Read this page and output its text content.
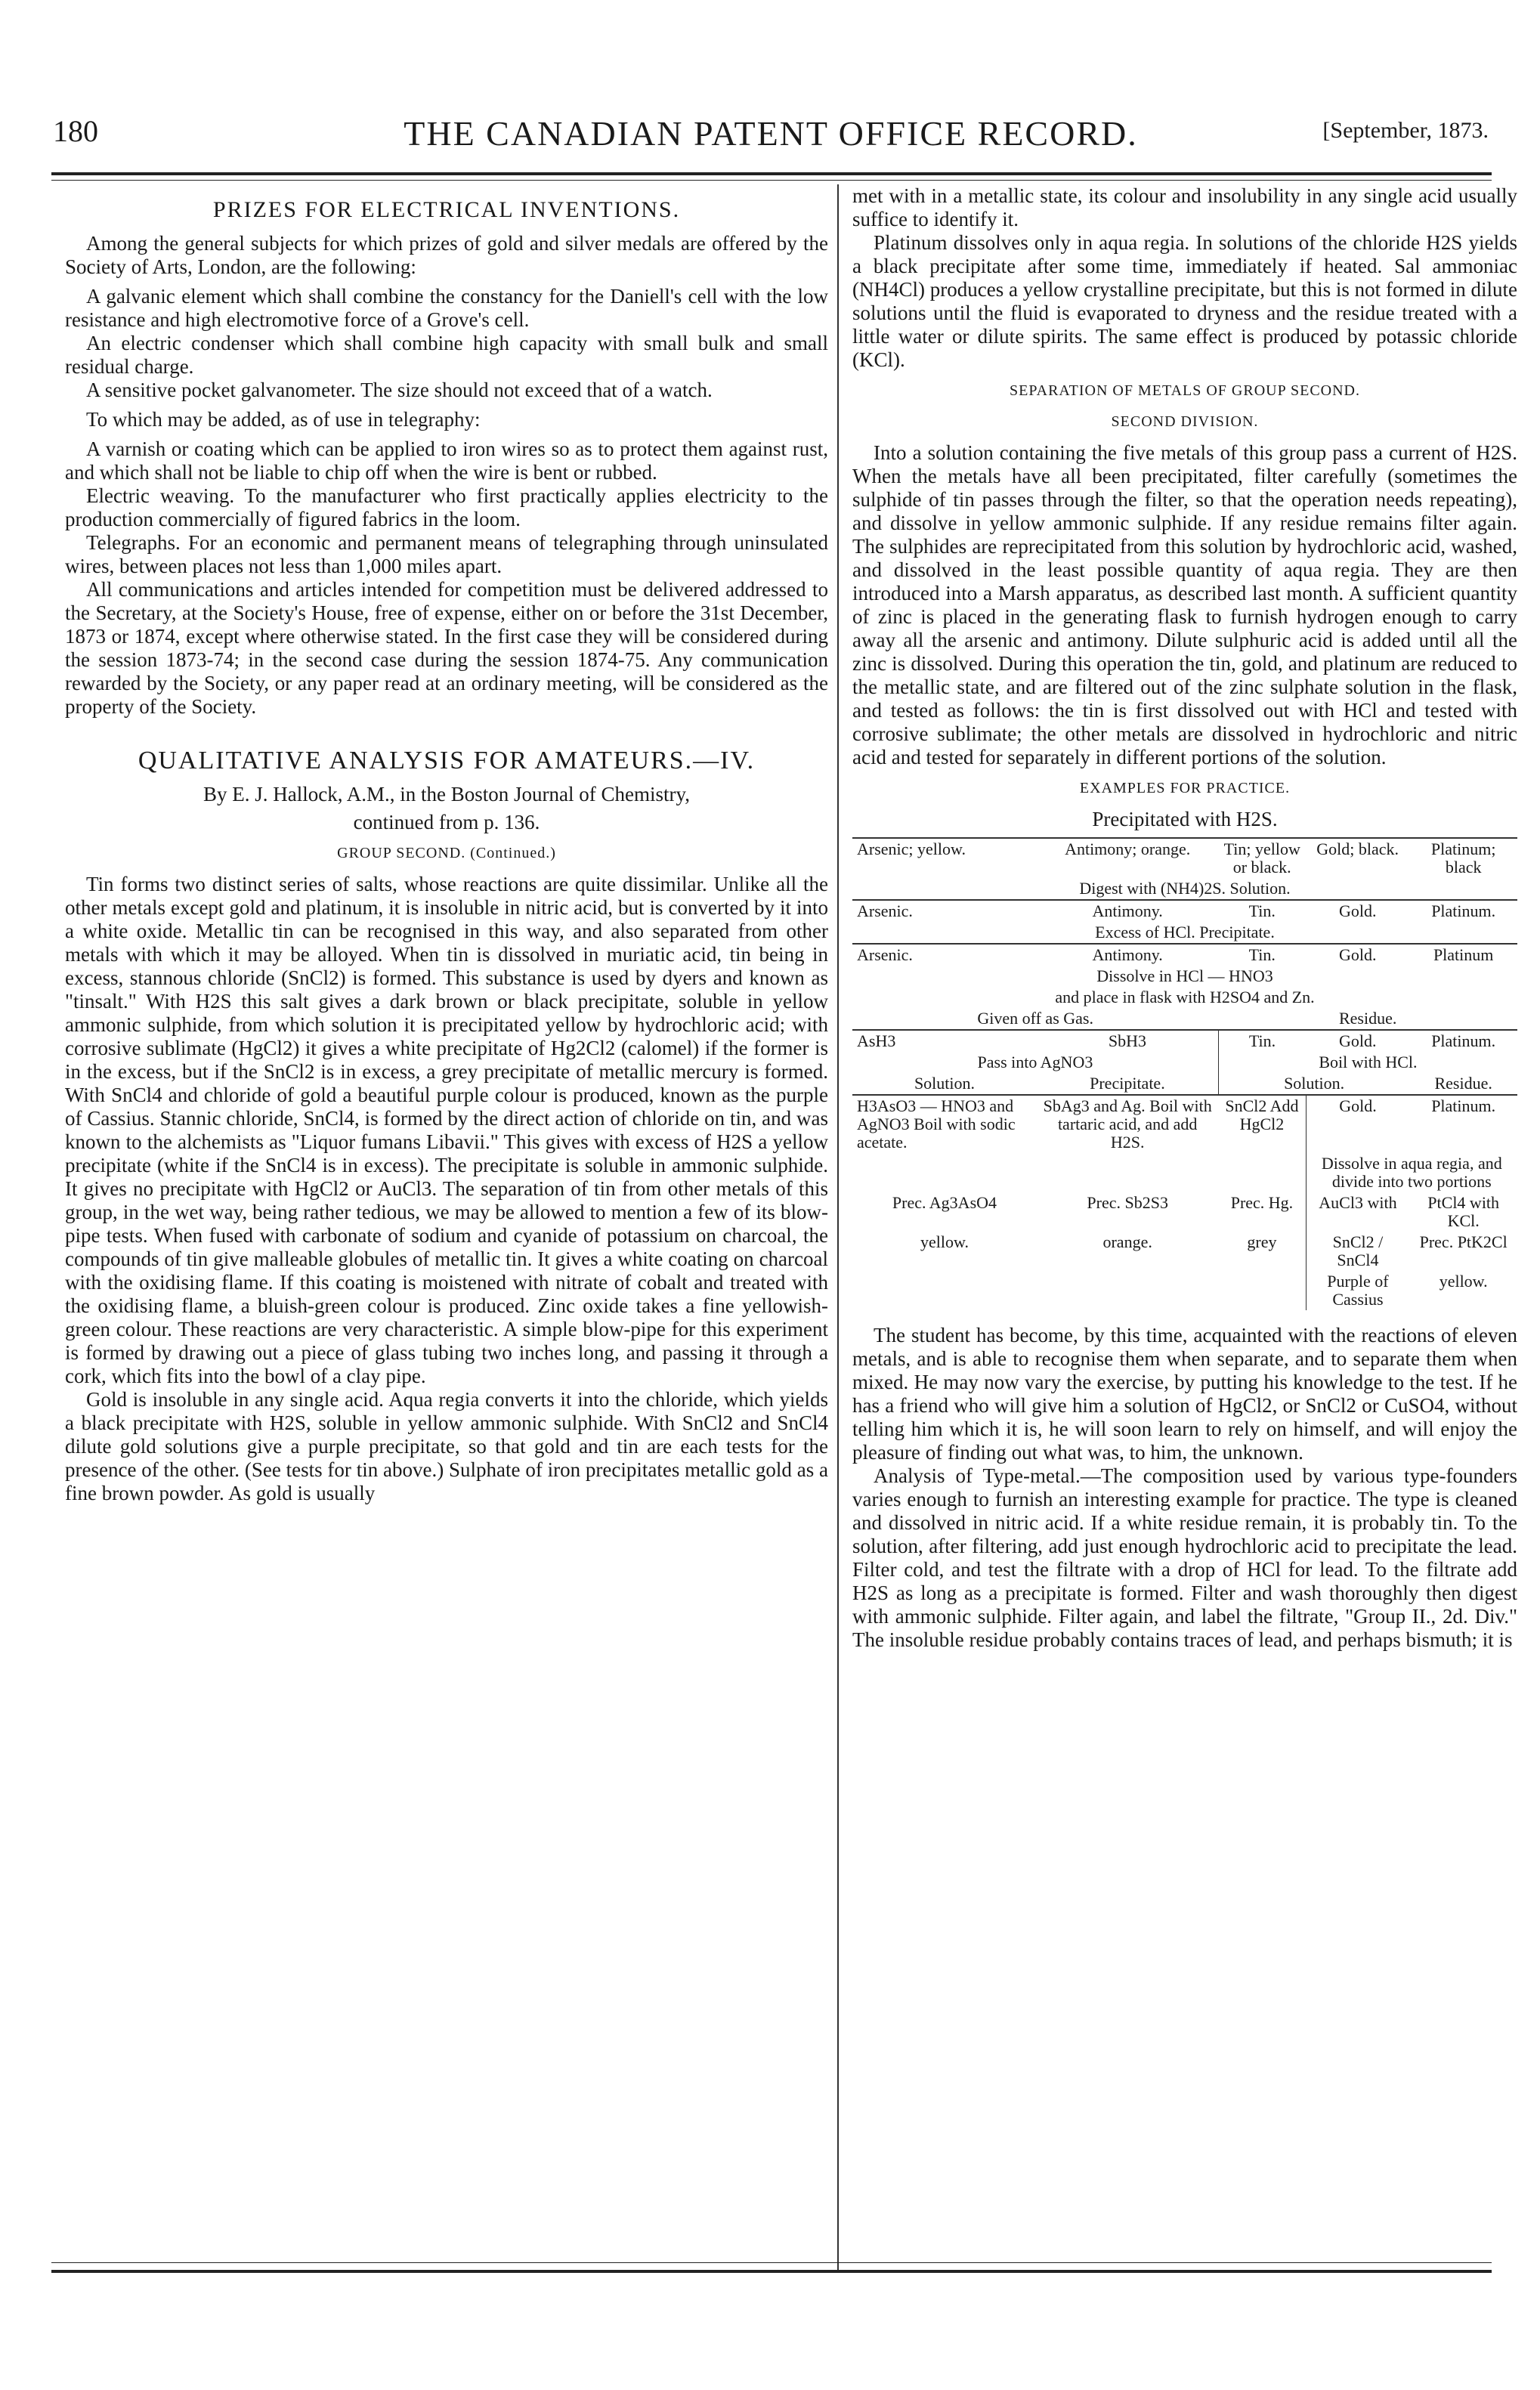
180	THE CANADIAN PATENT OFFICE RECORD.	[September, 1873.
PRIZES FOR ELECTRICAL INVENTIONS.

Among the general subjects for which prizes of gold and silver medals are offered by the Society of Arts, London, are the following:

A galvanic element which shall combine the constancy for the Daniell's cell with the low resistance and high electromotive force of a Grove's cell.

An electric condenser which shall combine high capacity with small bulk and small residual charge.

A sensitive pocket galvanometer. The size should not exceed that of a watch.

To which may be added, as of use in telegraphy:

A varnish or coating which can be applied to iron wires so as to protect them against rust, and which shall not be liable to chip off when the wire is bent or rubbed.

Electric weaving. To the manufacturer who first practically applies electricity to the production commercially of figured fabrics in the loom.

Telegraphs. For an economic and permanent means of telegraphing through uninsulated wires, between places not less than 1,000 miles apart.

All communications and articles intended for competition must be delivered addressed to the Secretary, at the Society's House, free of expense, either on or before the 31st December, 1873 or 1874, except where otherwise stated. In the first case they will be considered during the session 1873-74; in the second case during the session 1874-75. Any communication rewarded by the Society, or any paper read at an ordinary meeting, will be considered as the property of the Society.

QUALITATIVE ANALYSIS FOR AMATEURS.—IV.

By E. J. Hallock, A.M., in the Boston Journal of Chemistry,

continued from p. 136.

GROUP SECOND. (Continued.)

Tin forms two distinct series of salts, whose reactions are quite dissimilar. Unlike all the other metals except gold and platinum, it is insoluble in nitric acid, but is converted by it into a white oxide. Metallic tin can be recognised in this way, and also separated from other metals with which it may be alloyed. When tin is dissolved in muriatic acid, tin being in excess, stannous chloride (SnCl2) is formed. This substance is used by dyers and known as "tinsalt." With H2S this salt gives a dark brown or black precipitate, soluble in yellow ammonic sulphide, from which solution it is precipitated yellow by hydrochloric acid; with corrosive sublimate (HgCl2) it gives a white precipitate of Hg2Cl2 (calomel) if the former is in the excess, but if the SnCl2 is in excess, a grey precipitate of metallic mercury is formed. With SnCl4 and chloride of gold a beautiful purple colour is produced, known as the purple of Cassius. Stannic chloride, SnCl4, is formed by the direct action of chloride on tin, and was known to the alchemists as "Liquor fumans Libavii." This gives with excess of H2S a yellow precipitate (white if the SnCl4 is in excess). The precipitate is soluble in ammonic sulphide. It gives no precipitate with HgCl2 or AuCl3. The separation of tin from other metals of this group, in the wet way, being rather tedious, we may be allowed to mention a few of its blow-pipe tests. When fused with carbonate of sodium and cyanide of potassium on charcoal, the compounds of tin give malleable globules of metallic tin. It gives a white coating on charcoal with the oxidising flame. If this coating is moistened with nitrate of cobalt and treated with the oxidising flame, a bluish-green colour is produced. Zinc oxide takes a fine yellowish-green colour. These reactions are very characteristic. A simple blow-pipe for this experiment is formed by drawing out a piece of glass tubing two inches long, and passing it through a cork, which fits into the bowl of a clay pipe.

Gold is insoluble in any single acid. Aqua regia converts it into the chloride, which yields a black precipitate with H2S, soluble in yellow ammonic sulphide. With SnCl2 and SnCl4 dilute gold solutions give a purple precipitate, so that gold and tin are each tests for the presence of the other. (See tests for tin above.) Sulphate of iron precipitates metallic gold as a fine brown powder. As gold is usually

met with in a metallic state, its colour and insolubility in any single acid usually suffice to identify it.

Platinum dissolves only in aqua regia. In solutions of the chloride H2S yields a black precipitate after some time, immediately if heated. Sal ammoniac (NH4Cl) produces a yellow crystalline precipitate, but this is not formed in dilute solutions until the fluid is evaporated to dryness and the residue treated with a little water or dilute spirits. The same effect is produced by potassic chloride (KCl).

SEPARATION OF METALS OF GROUP SECOND.

SECOND DIVISION.

Into a solution containing the five metals of this group pass a current of H2S. When the metals have all been precipitated, filter carefully (sometimes the sulphide of tin passes through the filter, so that the operation needs repeating), and dissolve in yellow ammonic sulphide. If any residue remains filter again. The sulphides are reprecipitated from this solution by hydrochloric acid, washed, and dissolved in the least possible quantity of aqua regia. They are then introduced into a Marsh apparatus, as described last month. A sufficient quantity of zinc is placed in the generating flask to furnish hydrogen enough to carry away all the arsenic and antimony. Dilute sulphuric acid is added until all the zinc is dissolved. During this operation the tin, gold, and platinum are reduced to the metallic state, and are filtered out of the zinc sulphate solution in the flask, and tested as follows: the tin is first dissolved out with HCl and tested with corrosive sublimate; the other metals are dissolved in hydrochloric and nitric acid and tested for separately in different portions of the solution.

EXAMPLES FOR PRACTICE.

Precipitated with H2S.

Arsenic; yellow.	Antimony; orange.	Tin; yellow or black.	Gold; black.	Platinum; black
Digest with (NH4)2S. Solution.				
Arsenic.	Antimony.	Tin.	Gold.	Platinum.
Excess of HCl. Precipitate.				
Arsenic.	Antimony.	Tin.	Gold.	Platinum
Dissolve in HCl — HNO3				
and place in flask with H2SO4 and Zn.				
Given off as Gas.		Residue.		
AsH3	SbH3	Tin.	Gold.	Platinum.
Pass into AgNO3		Boil with HCl.		
Solution.	Precipitate.	Solution.		Residue.
H3AsO3 — HNO3 and AgNO3 Boil with sodic acetate.	SbAg3 and Ag. Boil with tartaric acid, and add H2S.	SnCl2 Add HgCl2	Gold.	Platinum.
			Dissolve in aqua regia, and divide into two portions	
Prec. Ag3AsO4	Prec. Sb2S3	Prec. Hg.	AuCl3 with	PtCl4 with KCl.
yellow.	orange.	grey	SnCl2 / SnCl4	Prec. PtK2Cl
			Purple of Cassius	yellow.

The student has become, by this time, acquainted with the reactions of eleven metals, and is able to recognise them when separate, and to separate them when mixed. He may now vary the exercise, by putting his knowledge to the test. If he has a friend who will give him a solution of HgCl2, or SnCl2 or CuSO4, without telling him which it is, he will soon learn to rely on himself, and will enjoy the pleasure of finding out what was, to him, the unknown.

Analysis of Type-metal.—The composition used by various type-founders varies enough to furnish an interesting example for practice. The type is cleaned and dissolved in nitric acid. If a white residue remain, it is probably tin. To the solution, after filtering, add just enough hydrochloric acid to precipitate the lead. Filter cold, and test the filtrate with a drop of HCl for lead. To the filtrate add H2S as long as a precipitate is formed. Filter and wash thoroughly then digest with ammonic sulphide. Filter again, and label the filtrate, "Group II., 2d. Div." The insoluble residue probably contains traces of lead, and perhaps bismuth; it is
